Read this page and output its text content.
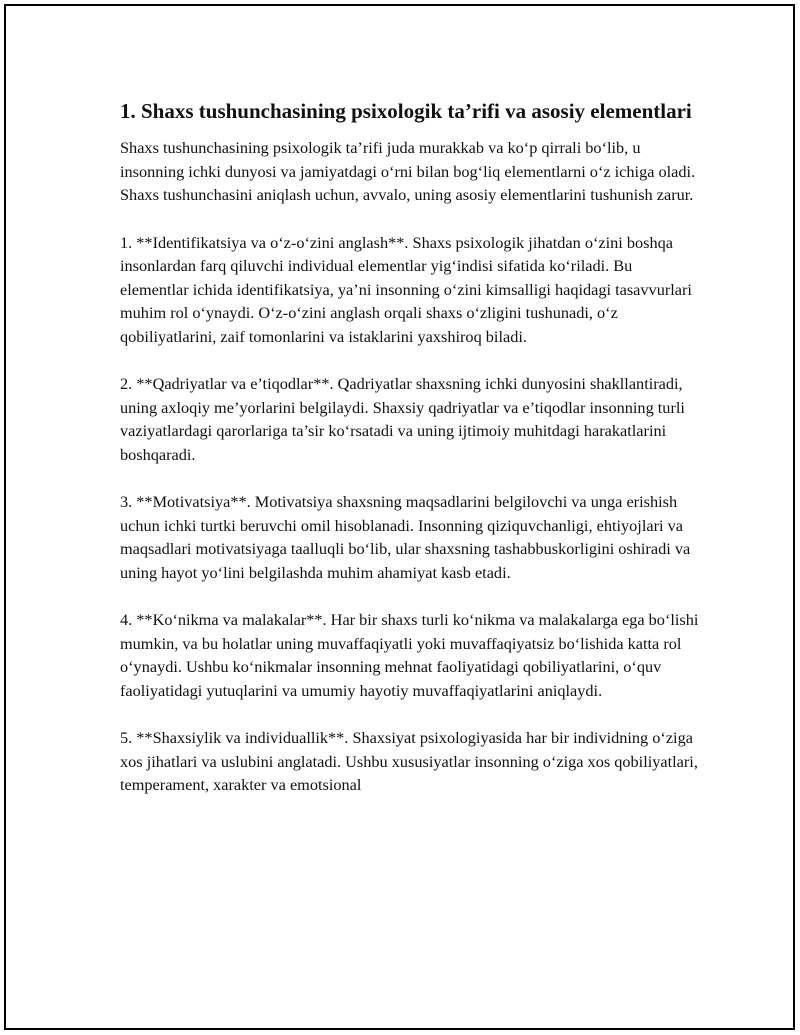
1. Shaxs tushunchasining psixologik ta’rifi va asosiy elementlari

Shaxs tushunchasining psixologik ta’rifi juda murakkab va ko‘p qirrali bo‘lib, u insonning ichki dunyosi va jamiyatdagi o‘rni bilan bog‘liq elementlarni o‘z ichiga oladi. Shaxs tushunchasini aniqlash uchun, avvalo, uning asosiy elementlarini tushunish zarur.

1. **Identifikatsiya va o‘z-o‘zini anglash**. Shaxs psixologik jihatdan o‘zini boshqa insonlardan farq qiluvchi individual elementlar yig‘indisi sifatida ko‘riladi. Bu elementlar ichida identifikatsiya, ya’ni insonning o‘zini kimsalligi haqidagi tasavvurlari muhim rol o‘ynaydi. O‘z-o‘zini anglash orqali shaxs o‘zligini tushunadi, o‘z qobiliyatlarini, zaif tomonlarini va istaklarini yaxshiroq biladi.

2. **Qadriyatlar va e’tiqodlar**. Qadriyatlar shaxsning ichki dunyosini shakllantiradi, uning axloqiy me’yorlarini belgilaydi. Shaxsiy qadriyatlar va e’tiqodlar insonning turli vaziyatlardagi qarorlariga ta’sir ko‘rsatadi va uning ijtimoiy muhitdagi harakatlarini boshqaradi.

3. **Motivatsiya**. Motivatsiya shaxsning maqsadlarini belgilovchi va unga erishish uchun ichki turtki beruvchi omil hisoblanadi. Insonning qiziquvchanligi, ehtiyojlari va maqsadlari motivatsiyaga taalluqli bo‘lib, ular shaxsning tashabbuskorligini oshiradi va uning hayot yo‘lini belgilashda muhim ahamiyat kasb etadi.

4. **Ko‘nikma va malakalar**. Har bir shaxs turli ko‘nikma va malakalarga ega bo‘lishi mumkin, va bu holatlar uning muvaffaqiyatli yoki muvaffaqiyatsiz bo‘lishida katta rol o‘ynaydi. Ushbu ko‘nikmalar insonning mehnat faoliyatidagi qobiliyatlarini, o‘quv faoliyatidagi yutuqlarini va umumiy hayotiy muvaffaqiyatlarini aniqlaydi.

5. **Shaxsiylik va individuallik**. Shaxsiyat psixologiyasida har bir individning o‘ziga xos jihatlari va uslubini anglatadi. Ushbu xususiyatlar insonning o‘ziga xos qobiliyatlari, temperament, xarakter va emotsional
